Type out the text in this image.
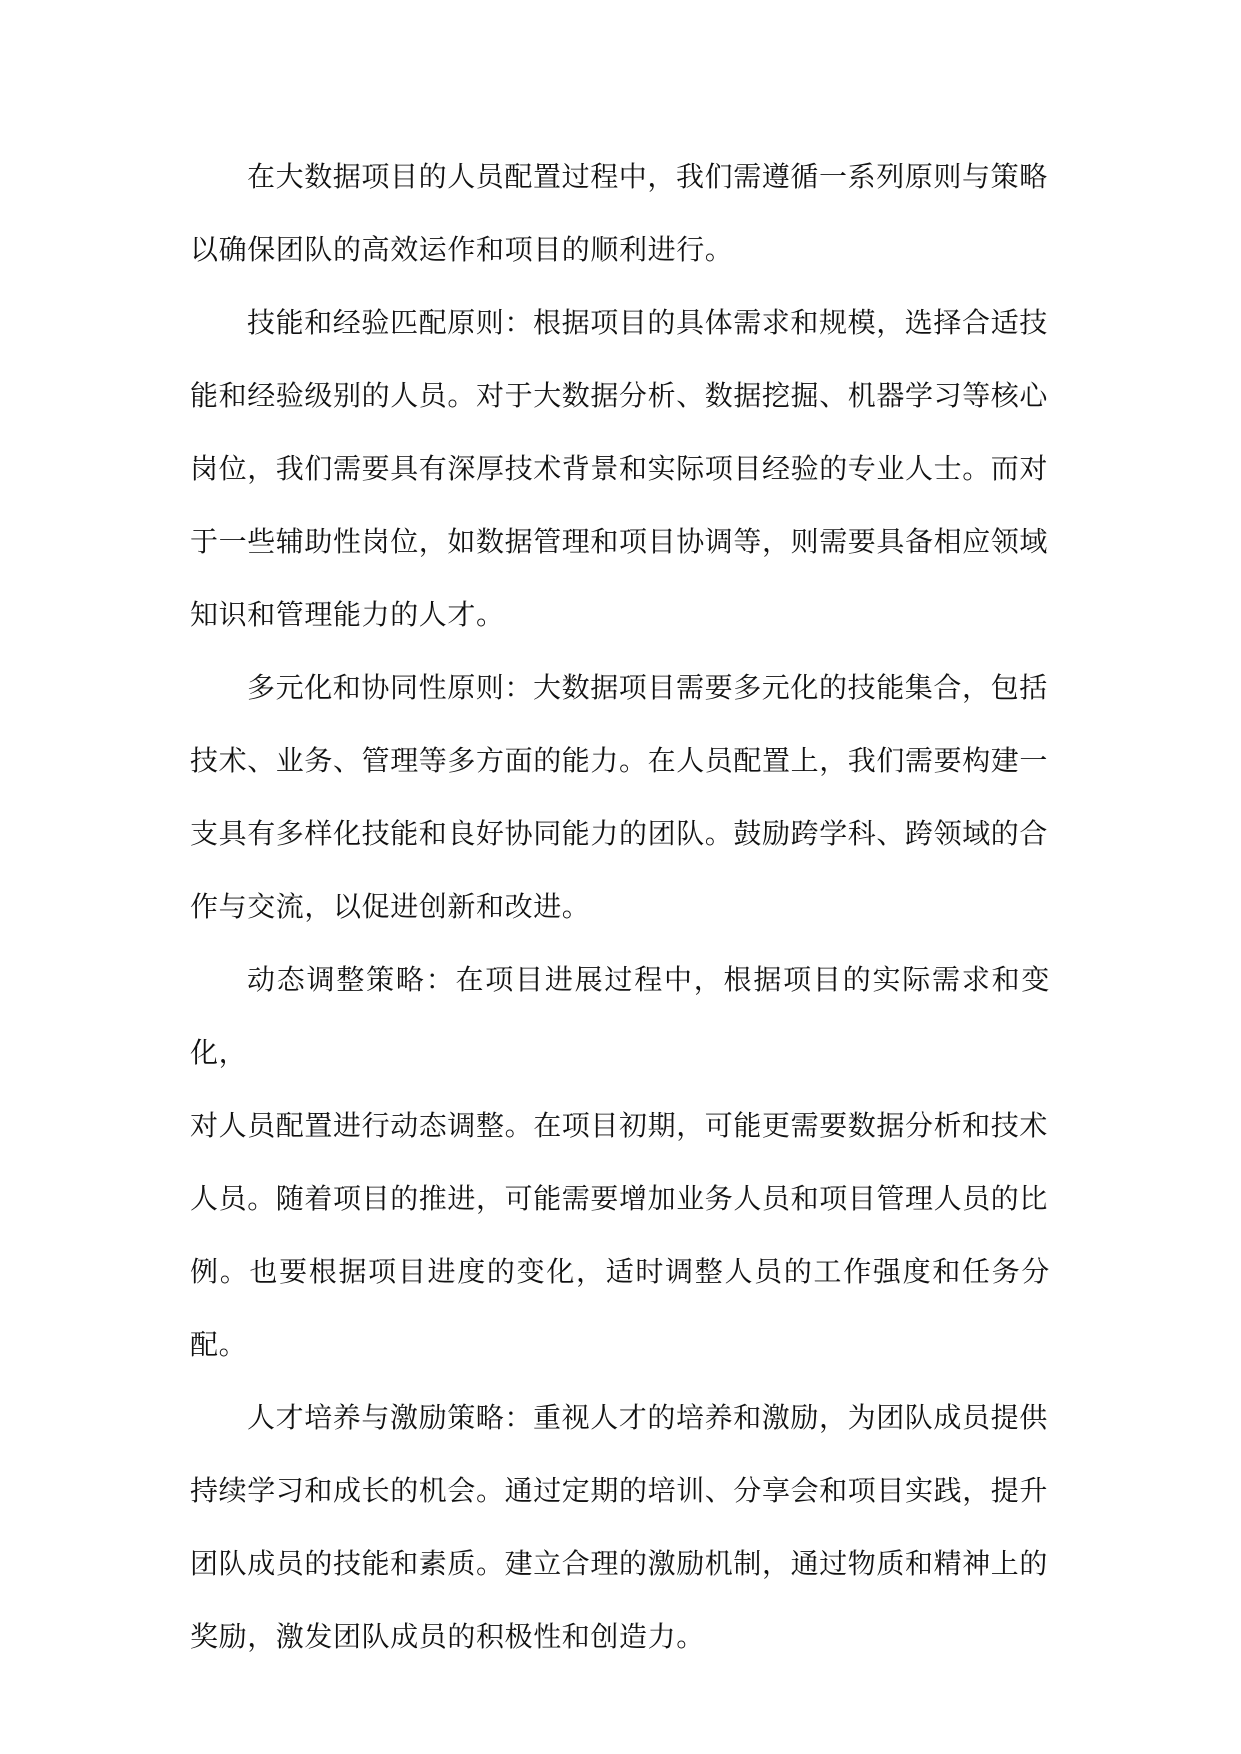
在大数据项目的人员配置过程中，我们需遵循一系列原则与策略
以确保团队的高效运作和项目的顺利进行。

技能和经验匹配原则：根据项目的具体需求和规模，选择合适技
能和经验级别的人员。对于大数据分析、数据挖掘、机器学习等核心
岗位，我们需要具有深厚技术背景和实际项目经验的专业人士。而对
于一些辅助性岗位，如数据管理和项目协调等，则需要具备相应领域
知识和管理能力的人才。

多元化和协同性原则：大数据项目需要多元化的技能集合，包括
技术、业务、管理等多方面的能力。在人员配置上，我们需要构建一
支具有多样化技能和良好协同能力的团队。鼓励跨学科、跨领域的合
作与交流，以促进创新和改进。

动态调整策略：在项目进展过程中，根据项目的实际需求和变化，
对人员配置进行动态调整。在项目初期，可能更需要数据分析和技术
人员。随着项目的推进，可能需要增加业务人员和项目管理人员的比
例。也要根据项目进度的变化，适时调整人员的工作强度和任务分配。

人才培养与激励策略：重视人才的培养和激励，为团队成员提供
持续学习和成长的机会。通过定期的培训、分享会和项目实践，提升
团队成员的技能和素质。建立合理的激励机制，通过物质和精神上的
奖励，激发团队成员的积极性和创造力。
